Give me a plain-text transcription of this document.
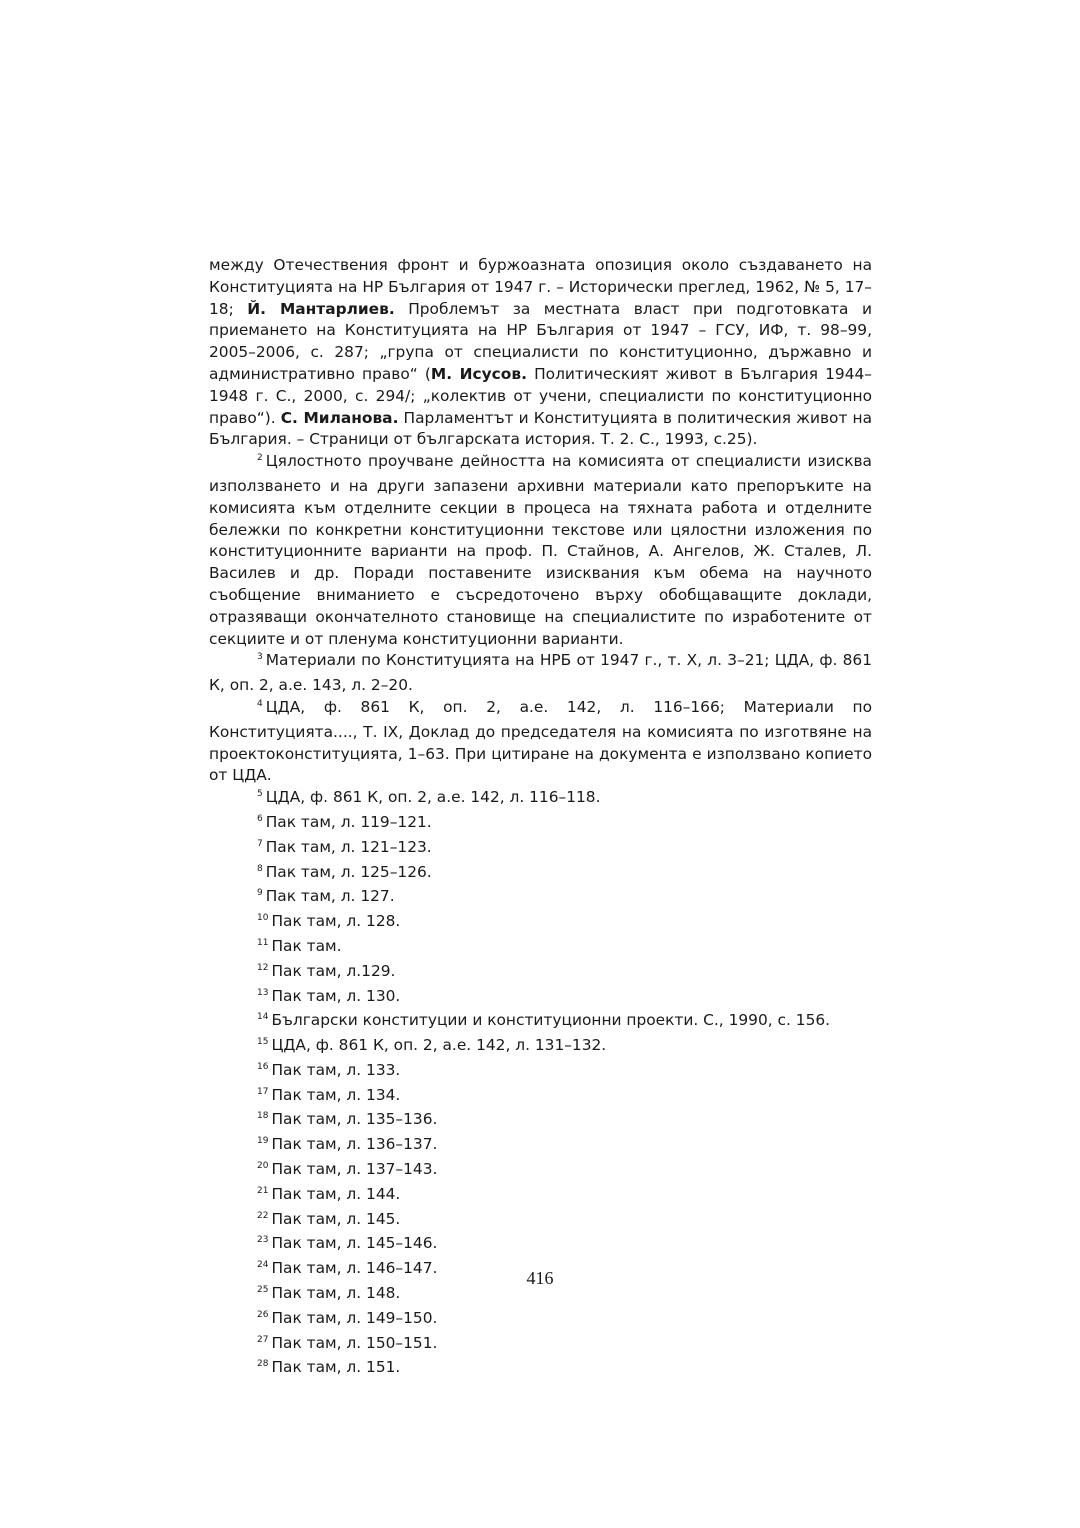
между Отечествения фронт и буржоазната опозиция около създаването на Конституцията на НР България от 1947 г. – Исторически преглед, 1962, № 5, 17–18; Й. Мантарлиев. Проблемът за местната власт при подготовката и приемането на Конституцията на НР България от 1947 – ГСУ, ИФ, т. 98–99, 2005–2006, с. 287; „група от специалисти по конституционно, държавно и административно право“ (М. Исусов. Политическият живот в България 1944–1948 г. С., 2000, с. 294/; „колектив от учени, специалисти по конституционно право“). С. Миланова. Парламентът и Конституцията в политическия живот на България. – Страници от българската история. Т. 2. С., 1993, с.25).

$^2$ Цялостното проучване дейността на комисията от специалисти изисква използването и на други запазени архивни материали като препоръките на комисията към отделните секции в процеса на тяхната работа и отделните бележки по конкретни конституционни текстове или цялостни изложения по конституционните варианти на проф. П. Стайнов, А. Ангелов, Ж. Сталев, Л. Василев и др. Поради поставените изисквания към обема на научното съобщение вниманието е съсредоточено върху обобщаващите доклади, отразяващи окончателното становище на специалистите по изработените от секциите и от пленума конституционни варианти.

$^3$ Материали по Конституцията на НРБ от 1947 г., т. X, л. 3–21; ЦДА, ф. 861 К, оп. 2, а.е. 143, л. 2–20.

$^4$ ЦДА, ф. 861 К, оп. 2, а.е. 142, л. 116–166; Материали по Конституцията...., Т. IX, Доклад до председателя на комисията по изготвяне на проектоконституцията, 1–63. При цитиране на документа е използвано копието от ЦДА.

$^5$ ЦДА, ф. 861 К, оп. 2, а.е. 142, л. 116–118.

$^6$ Пак там, л. 119–121.

$^7$ Пак там, л. 121–123.

$^8$ Пак там, л. 125–126.

$^9$ Пак там, л. 127.

$^{10}$ Пак там, л. 128.

$^{11}$ Пак там.

$^{12}$ Пак там, л.129.

$^{13}$ Пак там, л. 130.

$^{14}$ Български конституции и конституционни проекти. С., 1990, с. 156.

$^{15}$ ЦДА, ф. 861 К, оп. 2, а.е. 142, л. 131–132.

$^{16}$ Пак там, л. 133.

$^{17}$ Пак там, л. 134.

$^{18}$ Пак там, л. 135–136.

$^{19}$ Пак там, л. 136–137.

$^{20}$ Пак там, л. 137–143.

$^{21}$ Пак там, л. 144.

$^{22}$ Пак там, л. 145.

$^{23}$ Пак там, л. 145–146.

$^{24}$ Пак там, л. 146–147.

$^{25}$ Пак там, л. 148.

$^{26}$ Пак там, л. 149–150.

$^{27}$ Пак там, л. 150–151.

$^{28}$ Пак там, л. 151.

416
